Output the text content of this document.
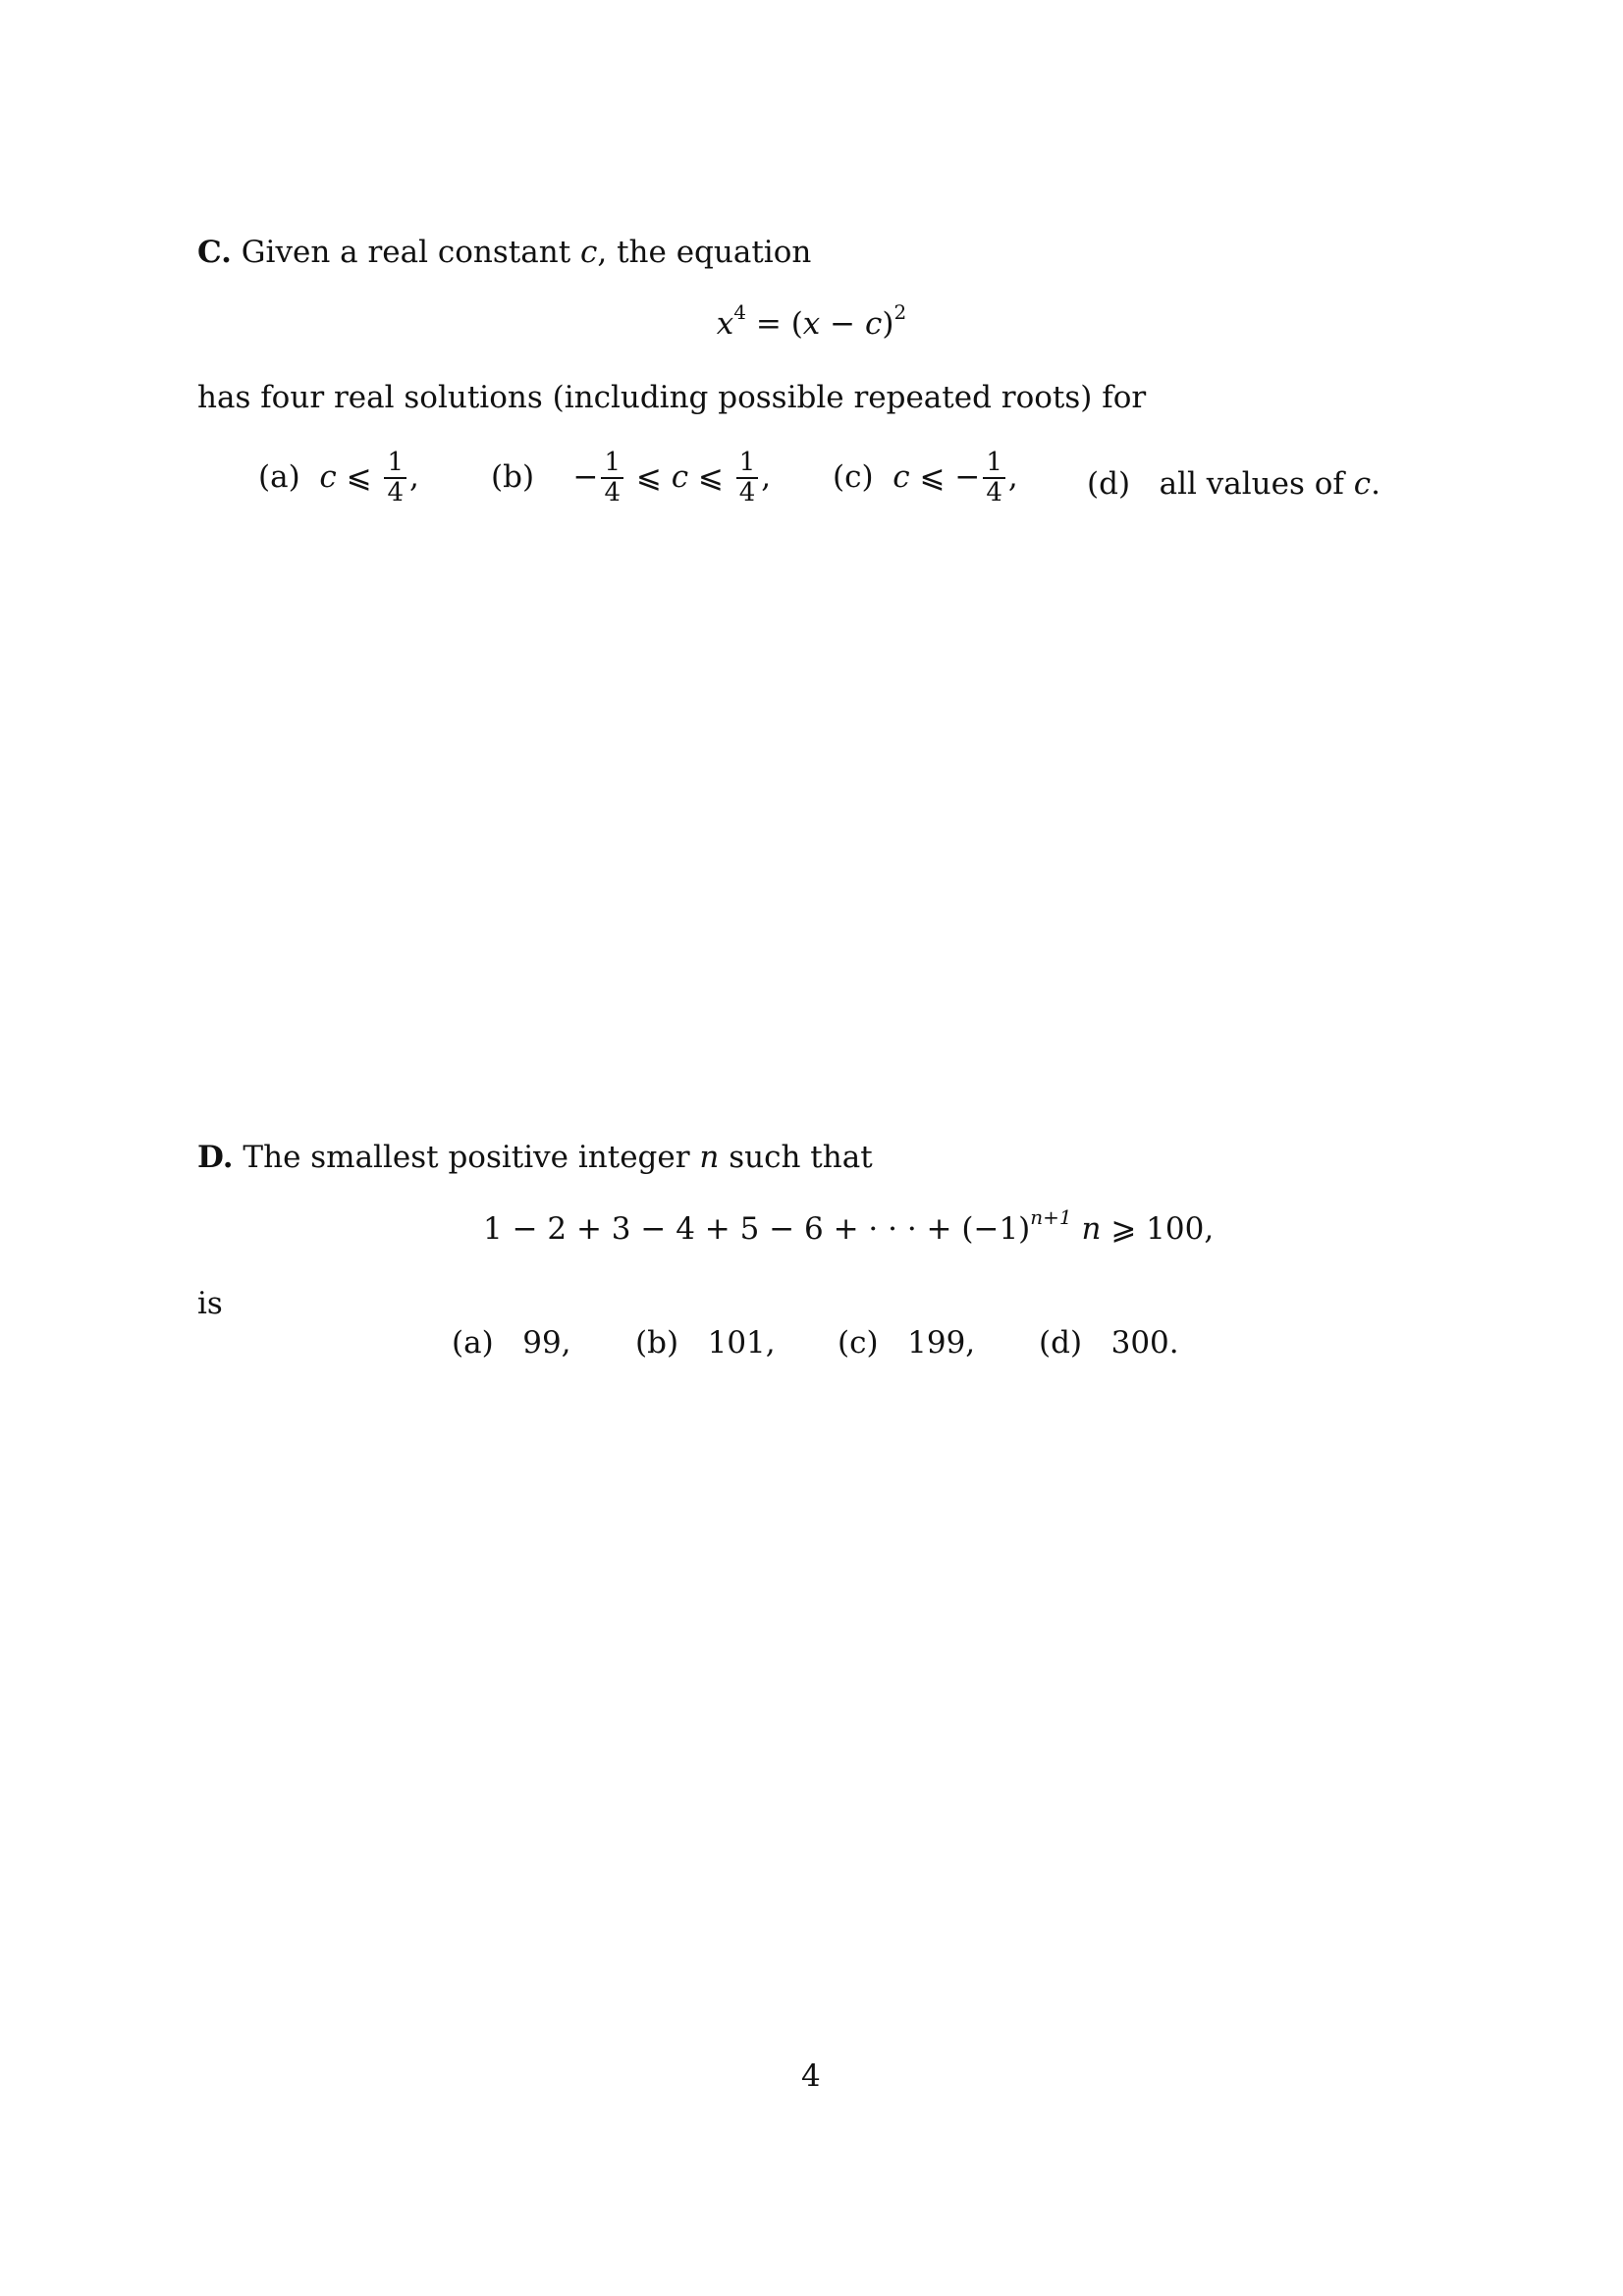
C. Given a real constant c, the equation
$x^4 = (x - c)^2$
has four real solutions (including possible repeated roots) for
(a) c ⩽ $\frac{1}{4}$ , $(b) - \frac{1}{4}$ ⩽ c ⩽ $\frac{1}{4}$ , (c) c ⩽ − $\frac{1}{4}$ , (d) all values of c.
D. The smallest positive integer n such that
1 − 2 + 3 − 4 + 5 − 6 + · · · + $(-1)^{n+1}$ n ⩾ 100,
is
(a) 99, (b) 101, (c) 199, (d) 300.
4
